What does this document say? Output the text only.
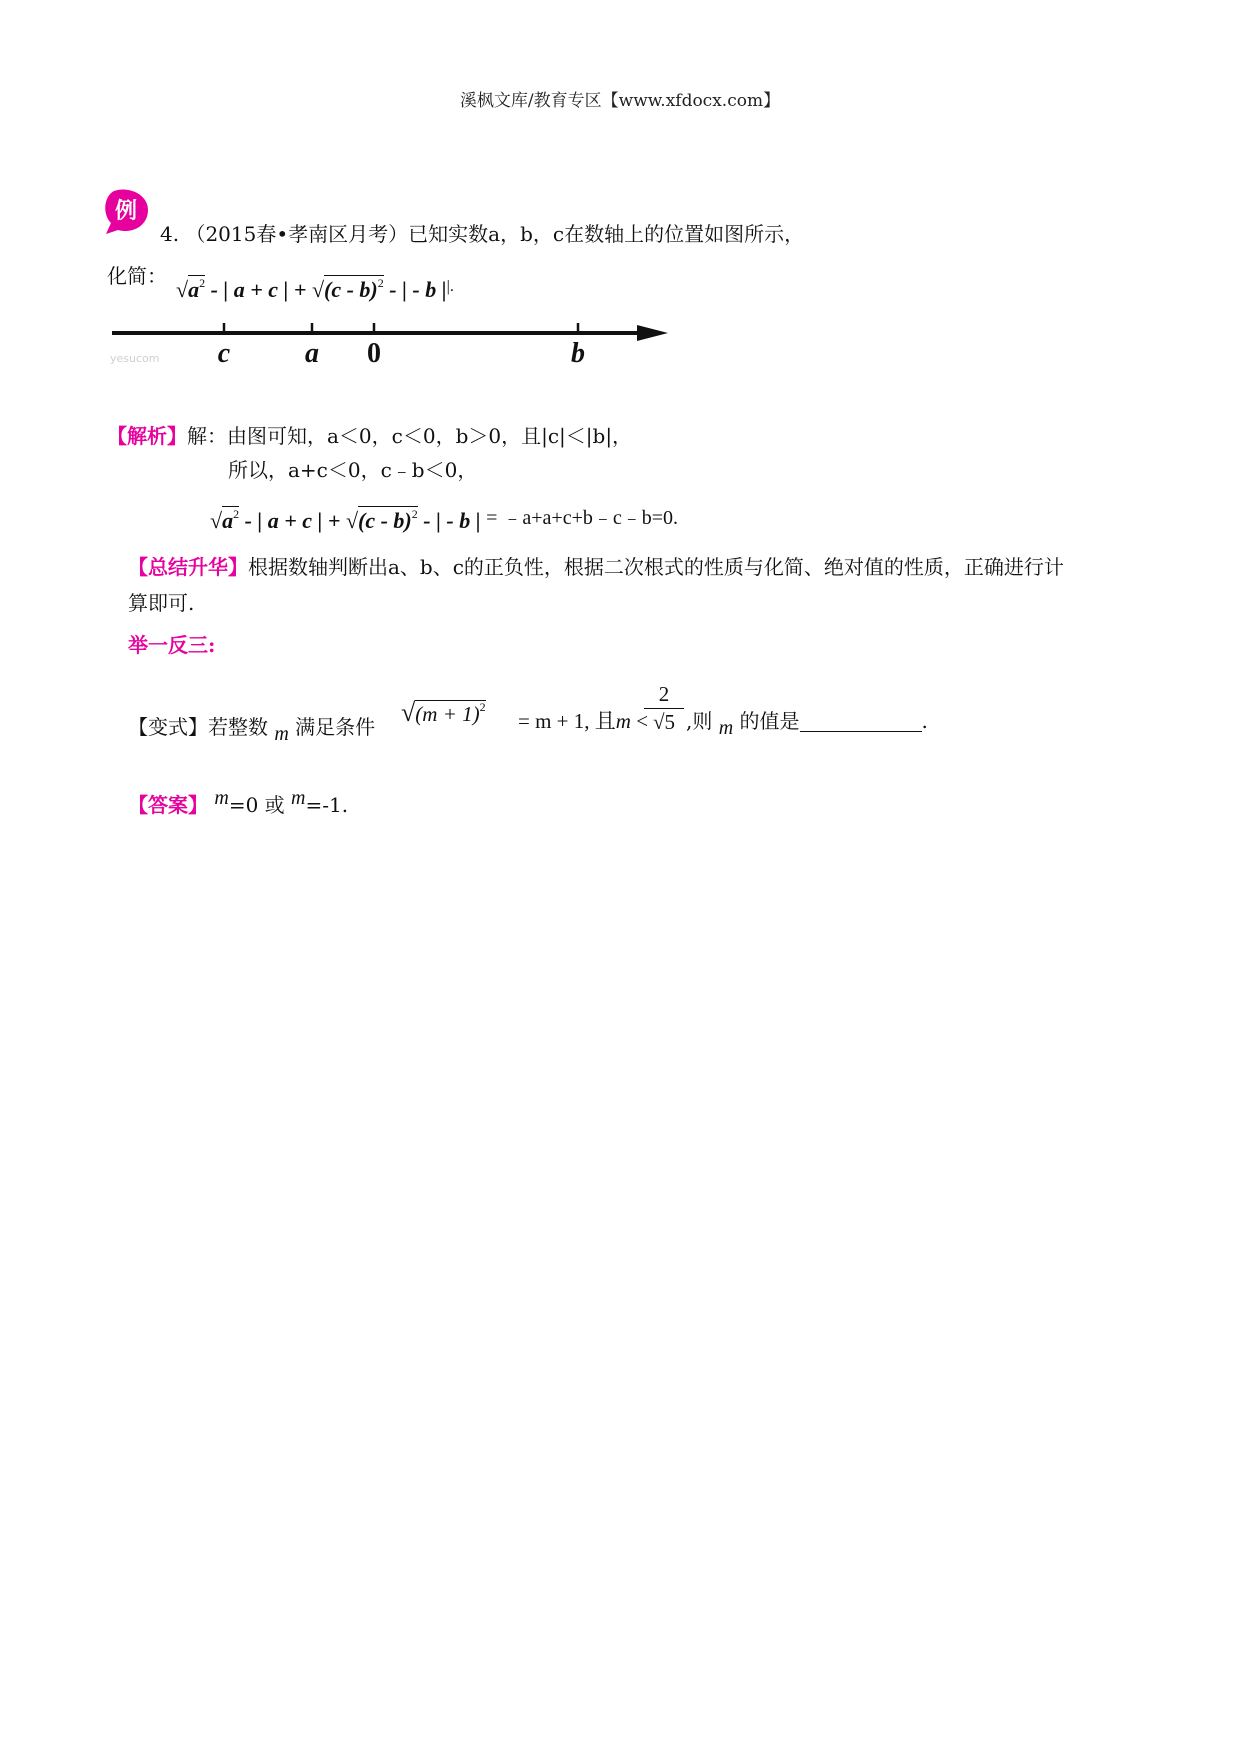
溪枫文库/教育专区【www.xfdocx.com】
例
4. （2015春•孝南区月考）已知实数a，b，c在数轴上的位置如图所示，
化简：
$√a^2$ - | a + c | + √(c - b)$^2$ - | - b ||.
yesucom c	a 0	b
【解析】解：由图可知，a＜0，c＜0，b＞0，且|c|＜|b|，
所以，a+c＜0，c﹣b＜0，
$√a^2$ - | a + c | + √(c - b)$^2$ - | - b | = ﹣a+a+c+b﹣c﹣b=0.
【总结升华】根据数轴判断出a、b、c的正负性，根据二次根式的性质与化简、绝对值的性质，正确进行计
算即可.
举一反三:
【变式】若整数 m 满足条件 $√(m + 1)^2$
= m + 1, 且m <
2
√5 ,则 m 的值是	.
【答案】 m=0 或 m=-1.
